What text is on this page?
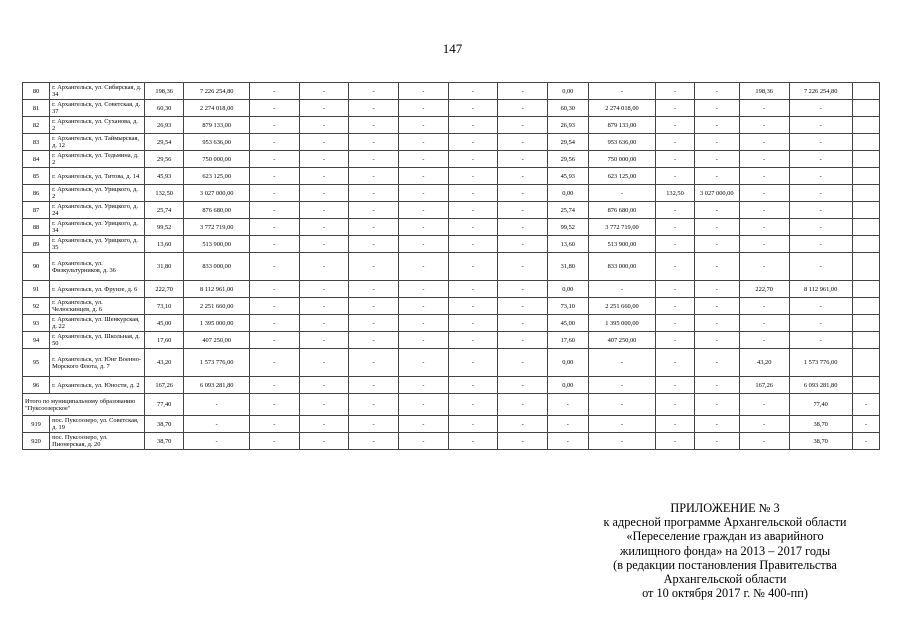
147
80	г. Архангельск, ул. Сибирская, д. 34	198,36	7 226 254,80	-	-	-	-	-	-	0,00	-	-	-	198,36	7 226 254,80	
81	г. Архангельск, ул. Советская, д. 37	60,30	2 274 018,00	-	-	-	-	-	-	60,30	2 274 018,00	-	-	-	-	
82	г. Архангельск, ул. Суханова, д. 2	26,93	879 133,00	-	-	-	-	-	-	26,93	879 133,00	-	-	-	-	
83	г. Архангельск, ул. Таймырская, д. 12	29,54	953 636,00	-	-	-	-	-	-	29,54	953 636,00	-	-	-	-	
84	г. Архангельск, ул. Тедьмина, д. 2	29,56	750 000,00	-	-	-	-	-	-	29,56	750 000,00	-	-	-	-	
85	г. Архангельск, ул. Титова, д. 14	45,93	623 125,00	-	-	-	-	-	-	45,93	623 125,00	-	-	-	-	
86	г. Архангельск, ул. Урицкого, д. 2	132,50	3 027 000,00	-	-	-	-	-	-	0,00	-	132,50	3 027 000,00	-	-	
87	г. Архангельск, ул. Урицкого, д. 24	25,74	876 680,00	-	-	-	-	-	-	25,74	876 680,00	-	-	-	-	
88	г. Архангельск, ул. Урицкого, д. 34	99,52	3 772 719,00	-	-	-	-	-	-	99,52	3 772 719,00	-	-	-	-	
89	г. Архангельск, ул. Урицкого, д. 35	13,60	513 900,00	-	-	-	-	-	-	13,60	513 900,00	-	-	-	-	
90	г. Архангельск, ул. Физкультурников, д. 36	31,80	833 000,00	-	-	-	-	-	-	31,80	833 000,00	-	-	-	-	
91	г. Архангельск, ул. Фрунзе, д. 6	222,70	8 112 961,00	-	-	-	-	-	-	0,00	-	-	-	222,70	8 112 961,00	
92	г. Архангельск, ул. Челюскинцев, д. 6	73,10	2 251 660,00	-	-	-	-	-	-	73,10	2 251 660,00	-	-	-	-	
93	г. Архангельск, ул. Шенкурская, д. 22	45,00	1 395 000,00	-	-	-	-	-	-	45,00	1 395 000,00	-	-	-	-	
94	г. Архангельск, ул. Школьная, д. 50	17,60	407 250,00	-	-	-	-	-	-	17,60	407 250,00	-	-	-	-	
95	г. Архангельск, ул. Юнг Военно-Морского Флота, д. 7	43,20	1 573 776,00	-	-	-	-	-	-	0,00	-	-	-	43,20	1 573 776,00	
96	г. Архангельск, ул. Юности, д. 2	167,26	6 093 281,80	-	-	-	-	-	-	0,00	-	-	-	167,26	6 093 281,80	
Итого по муниципальному образованию "Пуксоозерское"		77,40	-	-	-	-	-	-	-	-	-	-	-	-	77,40	-
919	пос. Пуксоозеро, ул. Советская, д. 19	38,70	-	-	-	-	-	-	-	-	-	-	-	-	38,70	-
920	пос. Пуксоозеро, ул. Пионерская, д. 20	38,70	-	-	-	-	-	-	-	-	-	-	-	-	38,70	-
ПРИЛОЖЕНИЕ № 3
к адресной программе Архангельской области
«Переселение граждан из аварийного
жилищного фонда» на 2013 – 2017 годы
(в редакции постановления Правительства
Архангельской области
от 10 октября 2017 г. № 400-пп)
